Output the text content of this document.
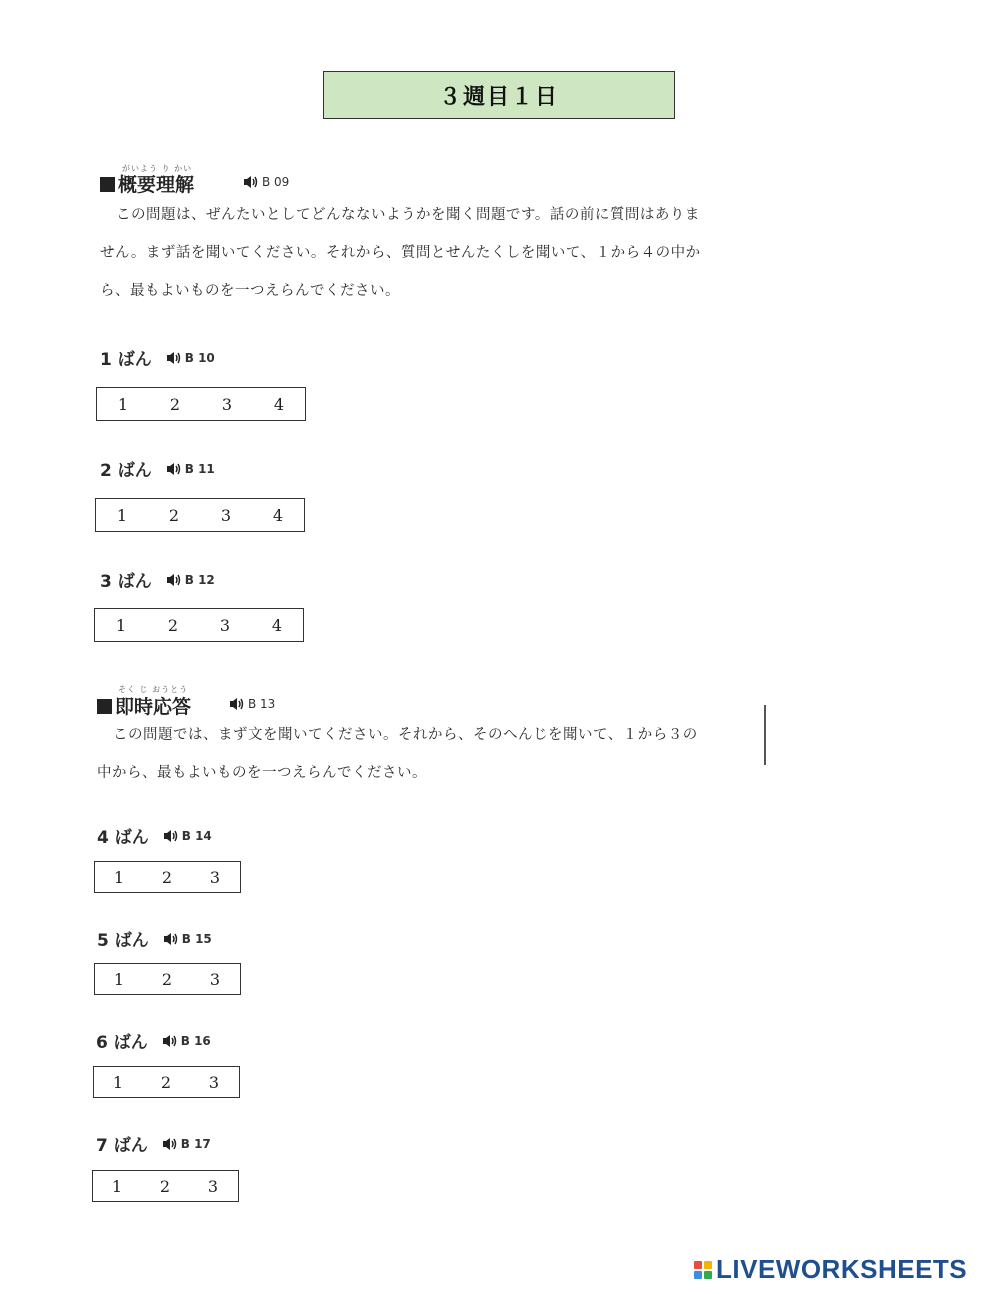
３週目１日
がいよう り かい
概要理解	B 09
この問題は、ぜんたいとしてどんなないようかを聞く問題です。話の前に質問はありま
せん。まず話を聞いてください。それから、質問とせんたくしを聞いて、１から４の中か
ら、最もよいものを一つえらんでください。
1 ばん	B 10
1	2	3	4
2 ばん	B 11
1	2	3	4
3 ばん	B 12
1	2	3	4
そく じ おうとう
即時応答	B 13
この問題では、まず文を聞いてください。それから、そのへんじを聞いて、１から３の
中から、最もよいものを一つえらんでください。
4 ばん	B 14
1	2	3
5 ばん	B 15
1	2	3
6 ばん	B 16
1	2	3
7 ばん	B 17
1	2	3
LIVEWORKSHEETS
